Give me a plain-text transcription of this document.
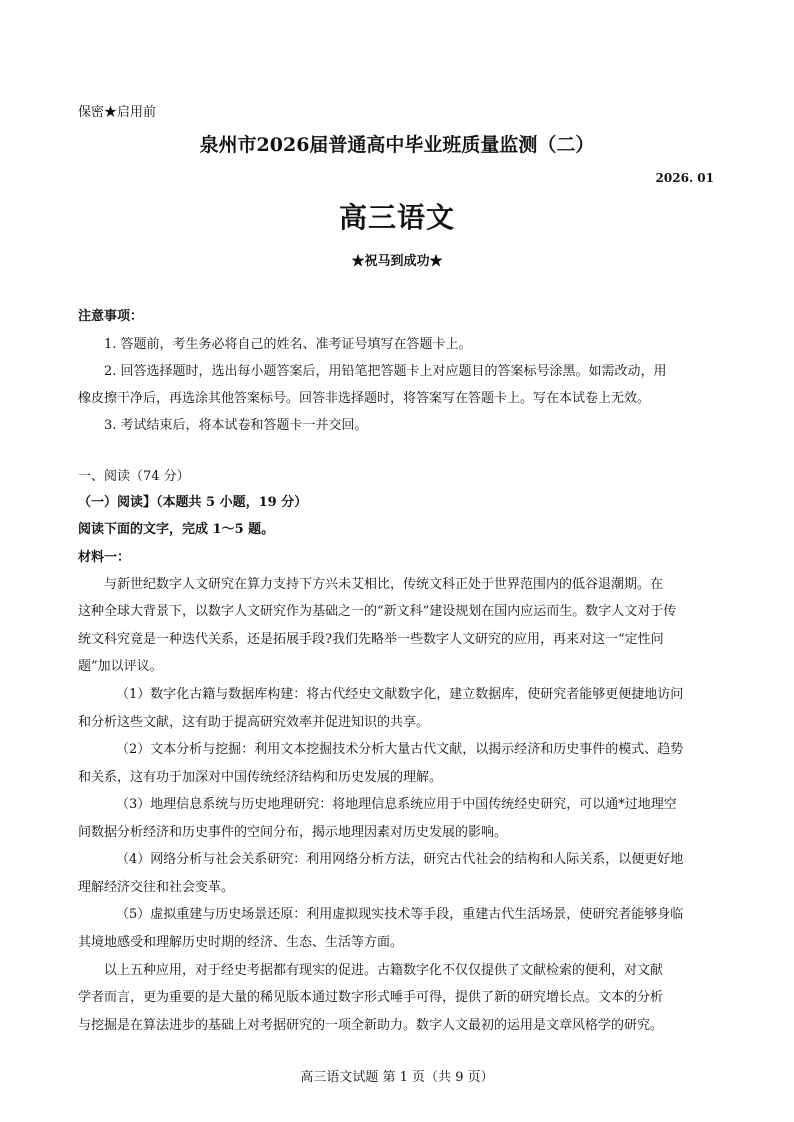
保密★启用前
泉州市2026届普通高中毕业班质量监测（二）
2026. 01
高三语文
★祝马到成功★
注意事项：
1. 答题前，考生务必将自己的姓名、准考证号填写在答题卡上。
2. 回答选择题时，选出每小题答案后，用铅笔把答题卡上对应题目的答案标号涂黑。如需改动，用
橡皮擦干净后，再选涂其他答案标号。回答非选择题时，将答案写在答题卡上。写在本试卷上无效。
3. 考试结束后，将本试卷和答题卡一并交回。
一、阅读（74 分）
（一）阅读】（本题共 5 小题，19 分）
阅读下面的文字，完成 1～5 题。
材料一：
与新世纪数字人文研究在算力支持下方兴未艾相比，传统文科正处于世界范围内的低谷退潮期。在
这种全球大背景下，以数字人文研究作为基础之一的“新文科”建设规划在国内应运而生。数字人文对于传
统文科究竟是一种迭代关系，还是拓展手段?我们先略举一些数字人文研究的应用，再来对这一“定性问
题”加以评议。
（1）数字化古籍与数据库构建：将古代经史文献数字化，建立数据库，使研究者能够更便捷地访问
和分析这些文献，这有助于提高研究效率并促进知识的共享。
（2）文本分析与挖掘：利用文本挖掘技术分析大量古代文献，以揭示经济和历史事件的模式、趋势
和关系，这有功于加深对中国传统经济结构和历史发展的理解。
（3）地理信息系统与历史地理研究：将地理信息系统应用于中国传统经史研究，可以通*过地理空
间数据分析经济和历史事件的空间分布，揭示地理因素对历史发展的影响。
（4）网络分析与社会关系研究：利用网络分析方法，研究古代社会的结构和人际关系，以便更好地
理解经济交往和社会变革。
（5）虚拟重建与历史场景还原：利用虚拟现实技术等手段，重建古代生活场景，使研究者能够身临
其境地感受和理解历史时期的经济、生态、生活等方面。
以上五种应用，对于经史考据都有现实的促进。古籍数字化不仅仅提供了文献检索的便利，对文献
学者而言，更为重要的是大量的稀见版本通过数字形式唾手可得，提供了新的研究增长点。文本的分析
与挖掘是在算法进步的基础上对考据研究的一项全新助力。数字人文最初的运用是文章风格学的研究。
高三语文试题 第 1 页（共 9 页）
